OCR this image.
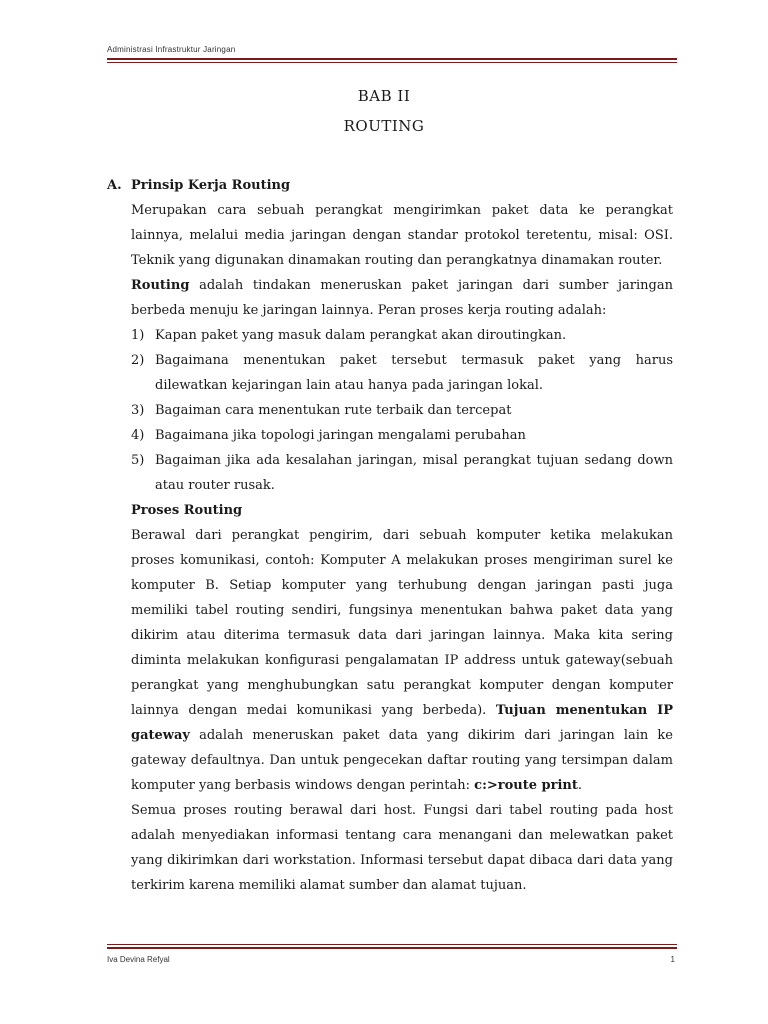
Administrasi Infrastruktur Jaringan
BAB II
ROUTING
A. Prinsip Kerja Routing

Merupakan cara sebuah perangkat mengirimkan paket data ke perangkat lainnya, melalui media jaringan dengan standar protokol teretentu, misal: OSI. Teknik yang digunakan dinamakan routing dan perangkatnya dinamakan router.

Routing adalah tindakan meneruskan paket jaringan dari sumber jaringan berbeda menuju ke jaringan lainnya. Peran proses kerja routing adalah:

1) Kapan paket yang masuk dalam perangkat akan diroutingkan.
2) Bagaimana menentukan paket tersebut termasuk paket yang harus dilewatkan kejaringan lain atau hanya pada jaringan lokal.
3) Bagaiman cara menentukan rute terbaik dan tercepat
4) Bagaimana jika topologi jaringan mengalami perubahan
5) Bagaiman jika ada kesalahan jaringan, misal perangkat tujuan sedang down atau router rusak.
Proses Routing

Berawal dari perangkat pengirim, dari sebuah komputer ketika melakukan proses komunikasi, contoh: Komputer A melakukan proses mengiriman surel ke komputer B. Setiap komputer yang terhubung dengan jaringan pasti juga memiliki tabel routing sendiri, fungsinya menentukan bahwa paket data yang dikirim atau diterima termasuk data dari jaringan lainnya. Maka kita sering diminta melakukan konfigurasi pengalamatan IP address untuk gateway(sebuah perangkat yang menghubungkan satu perangkat komputer dengan komputer lainnya dengan medai komunikasi yang berbeda). Tujuan menentukan IP gateway adalah meneruskan paket data yang dikirim dari jaringan lain ke gateway defaultnya. Dan untuk pengecekan daftar routing yang tersimpan dalam komputer yang berbasis windows dengan perintah: c:>route print.

Semua proses routing berawal dari host. Fungsi dari tabel routing pada host adalah menyediakan informasi tentang cara menangani dan melewatkan paket yang dikirimkan dari workstation. Informasi tersebut dapat dibaca dari data yang terkirim karena memiliki alamat sumber dan alamat tujuan.

Iva Devina Refyal	1
